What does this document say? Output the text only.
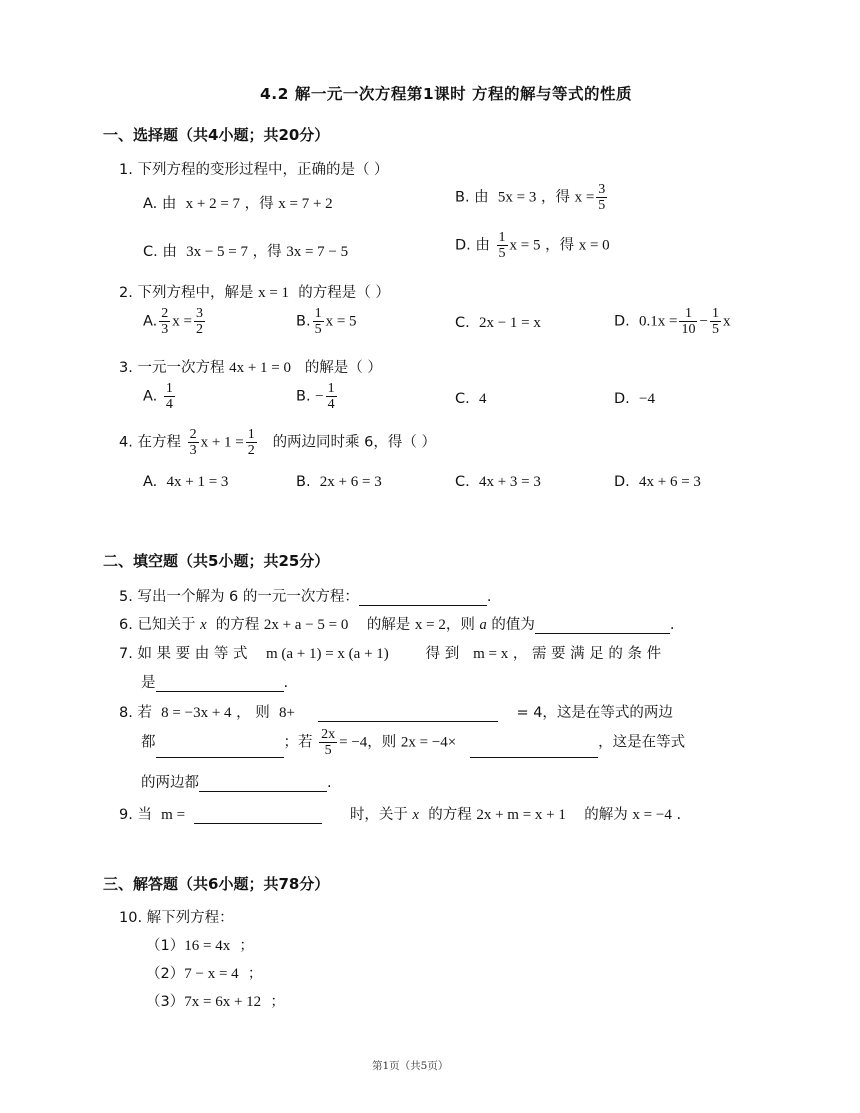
4.2 解一元一次方程第1课时 方程的解与等式的性质
一、选择题（共4小题；共20分）
1. 下列方程的变形过程中，正确的是（ ）
A. 由 x + 2 = 7 ，得 x = 7 + 2	B. 由 5x = 3 ，得 $x = \frac{3}{5}$
C. 由 3x − 5 = 7 ，得 3x = 7 − 5	D. 由 $\frac{1}{5}$ x = 5 ，得 x = 0
2. 下列方程中，解是 x = 1 的方程是（ ）
A. $\frac{2}{3}$ $x = \frac{3}{2}$	B. $\frac{1}{5}$ x = 5	C. 2x − 1 = x	D. $0.1x = \frac{1}{10} - \frac{1}{5}$ x
3. 一元一次方程 4x + 1 = 0 的解是（ ）
A. $\frac{1}{4}$	B. − $\frac{1}{4}$	C. 4	D. −4
4. 在方程 $\frac{2}{3}$ $x + 1 = \frac{1}{2}$ 的两边同时乘 6，得（ ）
A. 4x + 1 = 3	B. 2x + 6 = 3	C. 4x + 3 = 3	D. 4x + 6 = 3
二、填空题（共5小题；共25分）
5. 写出一个解为 6 的一元一次方程：	.
6. 已知关于 x 的方程 2x + a − 5 = 0 的解是 x = 2，则 a 的值为	.
7. 如 果 要 由 等 式 m (a + 1) = x (a + 1)	得 到 m = x ， 需 要 满 足 的 条 件
是	.
8. 若 8 = −3x + 4 ， 则 8+	= 4，这是在等式的两边
都	；若 $\frac{2x}{5} = -4$，则 2x = −4×	，这是在等式
的两边都	.
9. 当 m =	时，关于 x 的方程 2x + m = x + 1 的解为 x = −4 .
三、解答题（共6小题；共78分）
10. 解下列方程：
（1）16 = 4x ；
（2）7 − x = 4 ；
（3）7x = 6x + 12 ；
第1页（共5页）
